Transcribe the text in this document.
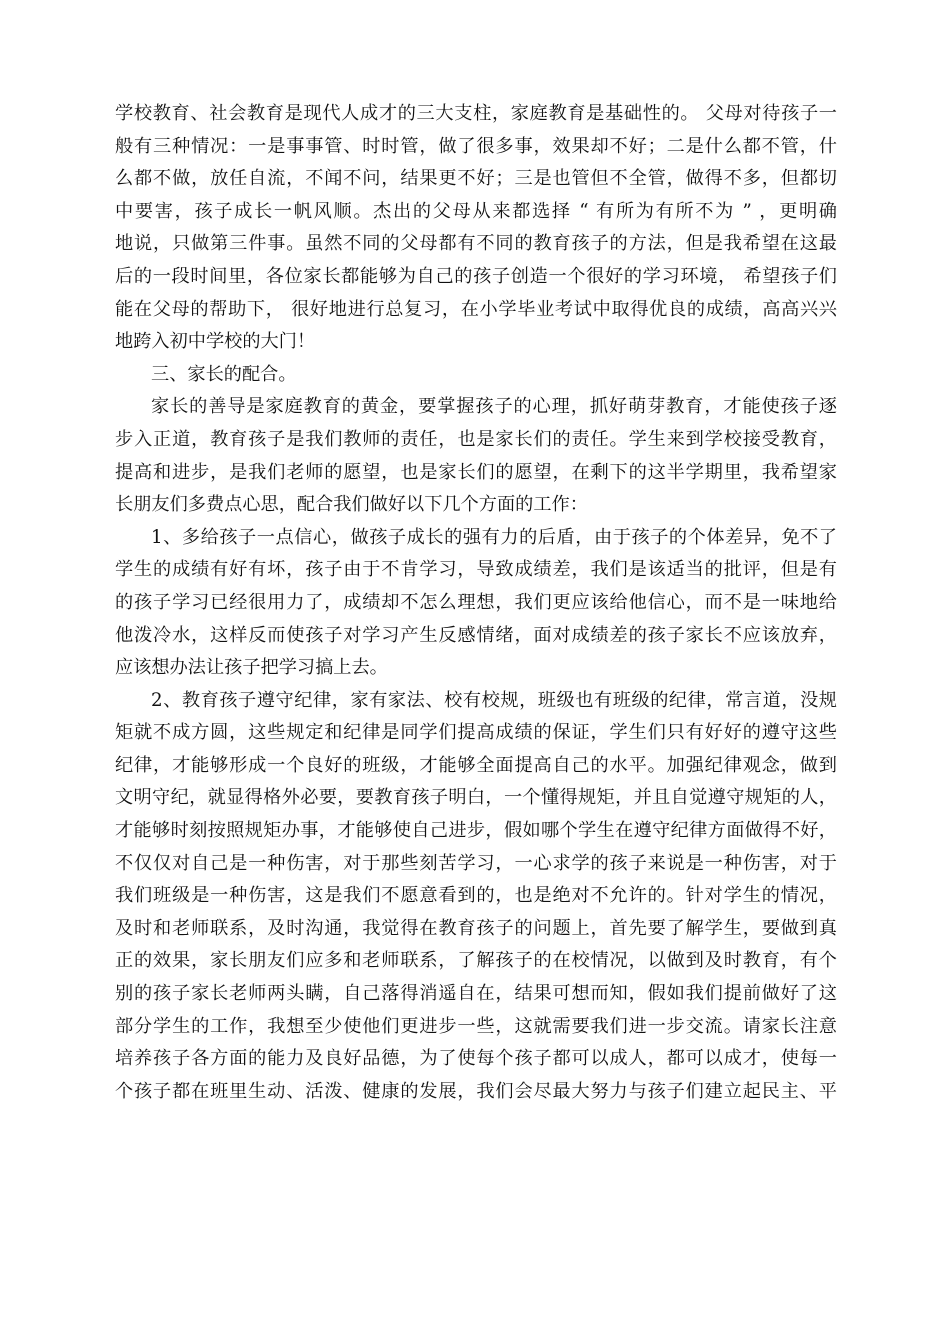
学校教育、社会教育是现代人成才的三大支柱，家庭教育是基础性的。 父母对待孩子一
般有三种情况：一是事事管、时时管，做了很多事，效果却不好；二是什么都不管，什
么都不做，放任自流，不闻不问，结果更不好；三是也管但不全管，做得不多，但都切
中要害，孩子成长一帆风顺。杰出的父母从来都选择 “ 有所为有所不为 ” ，更明确
地说，只做第三件事。虽然不同的父母都有不同的教育孩子的方法，但是我希望在这最
后的一段时间里，各位家长都能够为自己的孩子创造一个很好的学习环境， 希望孩子们
能在父母的帮助下， 很好地进行总复习，在小学毕业考试中取得优良的成绩，高高兴兴
地跨入初中学校的大门！
三、家长的配合。
家长的善导是家庭教育的黄金，要掌握孩子的心理，抓好萌芽教育，才能使孩子逐
步入正道，教育孩子是我们教师的责任，也是家长们的责任。学生来到学校接受教育，
提高和进步，是我们老师的愿望，也是家长们的愿望，在剩下的这半学期里，我希望家
长朋友们多费点心思，配合我们做好以下几个方面的工作：
1、多给孩子一点信心，做孩子成长的强有力的后盾，由于孩子的个体差异，免不了
学生的成绩有好有坏，孩子由于不肯学习，导致成绩差，我们是该适当的批评，但是有
的孩子学习已经很用力了，成绩却不怎么理想，我们更应该给他信心，而不是一味地给
他泼冷水，这样反而使孩子对学习产生反感情绪，面对成绩差的孩子家长不应该放弃，
应该想办法让孩子把学习搞上去。
2、教育孩子遵守纪律，家有家法、校有校规，班级也有班级的纪律，常言道，没规
矩就不成方圆，这些规定和纪律是同学们提高成绩的保证，学生们只有好好的遵守这些
纪律，才能够形成一个良好的班级，才能够全面提高自己的水平。加强纪律观念，做到
文明守纪，就显得格外必要，要教育孩子明白，一个懂得规矩，并且自觉遵守规矩的人，
才能够时刻按照规矩办事，才能够使自己进步，假如哪个学生在遵守纪律方面做得不好，
不仅仅对自己是一种伤害，对于那些刻苦学习，一心求学的孩子来说是一种伤害，对于
我们班级是一种伤害，这是我们不愿意看到的，也是绝对不允许的。针对学生的情况，
及时和老师联系，及时沟通，我觉得在教育孩子的问题上，首先要了解学生，要做到真
正的效果，家长朋友们应多和老师联系，了解孩子的在校情况，以做到及时教育，有个
别的孩子家长老师两头瞒，自己落得消遥自在，结果可想而知，假如我们提前做好了这
部分学生的工作，我想至少使他们更进步一些，这就需要我们进一步交流。请家长注意
培养孩子各方面的能力及良好品德，为了使每个孩子都可以成人，都可以成才，使每一
个孩子都在班里生动、活泼、健康的发展，我们会尽最大努力与孩子们建立起民主、平
